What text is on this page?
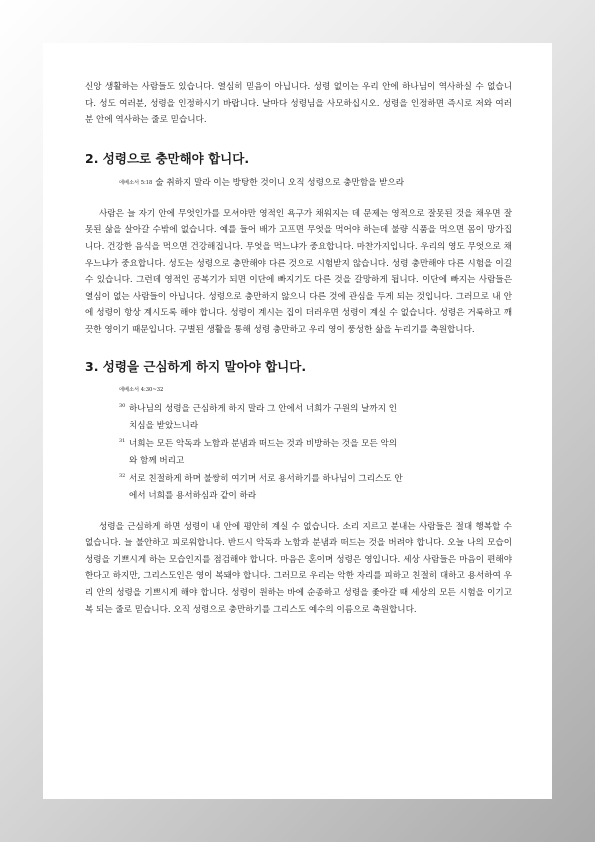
신앙 생활하는 사람들도 있습니다. 열심히 믿음이 아닙니다. 성령 없이는 우리 안에 하나님이 역사하실 수 없습니다. 성도 여러분, 성령을 인정하시기 바랍니다. 날마다 성령님을 사모하십시오. 성령을 인정하면 즉시로 저와 여러분 안에 역사하는 줄로 믿습니다.

2. 성령으로 충만해야 합니다.
에베소서 5:18 술 취하지 말라 이는 방탕한 것이니 오직 성령으로 충만함을 받으라

사람은 늘 자기 안에 무엇인가를 모셔야만 영적인 욕구가 채워지는 데 문제는 영적으로 잘못된 것을 채우면 잘못된 삶을 살아갈 수밖에 없습니다. 예를 들어 배가 고프면 무엇을 먹어야 하는데 불량 식품을 먹으면 몸이 망가집니다. 건강한 음식을 먹으면 건강해집니다. 무엇을 먹느냐가 중요합니다. 마찬가지입니다. 우리의 영도 무엇으로 채우느냐가 중요합니다. 성도는 성령으로 충만해야 다른 것으로 시험받지 않습니다. 성령 충만해야 다른 시험을 이길 수 있습니다. 그런데 영적인 공복기가 되면 이단에 빠지기도 다른 것을 갈망하게 됩니다. 이단에 빠지는 사람들은 열심이 없는 사람들이 아닙니다. 성령으로 충만하지 않으니 다른 것에 관심을 두게 되는 것입니다. 그러므로 내 안에 성령이 항상 계시도록 해야 합니다. 성령이 계시는 집이 더러우면 성령이 계실 수 없습니다. 성령은 거룩하고 깨끗한 영이기 때문입니다. 구별된 생활을 통해 성령 충만하고 우리 영이 풍성한 삶을 누리기를 축원합니다.

3. 성령을 근심하게 하지 말아야 합니다.
에베소서 4:30~32
30 하나님의 성령을 근심하게 하지 말라 그 안에서 너희가 구원의 날까지 인
치심을 받았느니라
31 너희는 모든 악독과 노함과 분냄과 떠드는 것과 비방하는 것을 모든 악의
와 함께 버리고
32 서로 친절하게 하며 불쌍히 여기며 서로 용서하기를 하나님이 그리스도 안
에서 너희를 용서하심과 같이 하라

성령을 근심하게 하면 성령이 내 안에 평안히 계실 수 없습니다. 소리 지르고 분내는 사람들은 절대 행복할 수 없습니다. 늘 불안하고 피로워합니다. 반드시 악독과 노함과 분냄과 떠드는 것을 버려야 합니다. 오늘 나의 모습이 성령을 기쁘시게 하는 모습인지를 점검해야 합니다. 마음은 혼이며 성령은 영입니다. 세상 사람들은 마음이 편해야 한다고 하지만, 그리스도인은 영이 복돼야 합니다. 그러므로 우리는 악한 자리를 피하고 친절히 대하고 용서하여 우리 안의 성령을 기쁘시게 해야 합니다. 성령이 원하는 바에 순종하고 성령을 좇아갈 때 세상의 모든 시험을 이기고 복 되는 줄로 믿습니다. 오직 성령으로 충만하기를 그리스도 예수의 이름으로 축원합니다.
